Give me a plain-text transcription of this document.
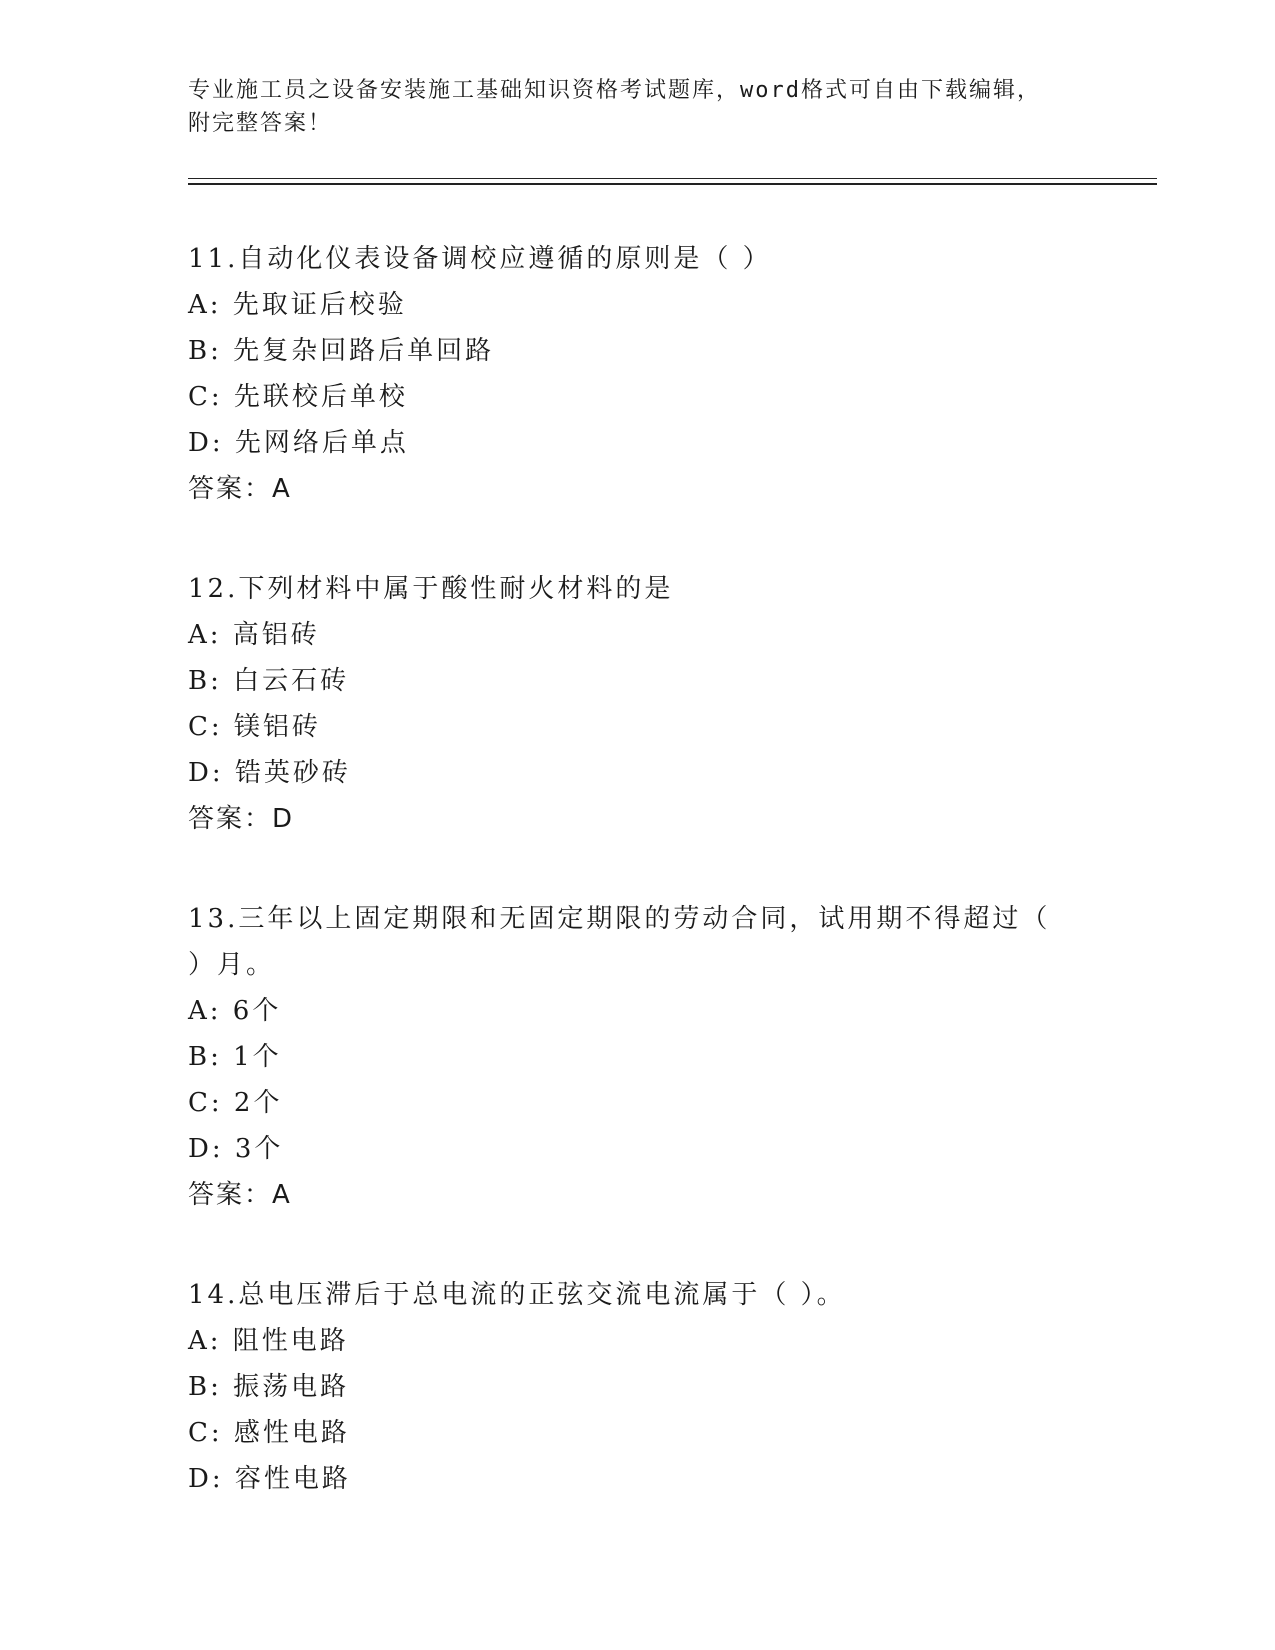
专业施工员之设备安装施工基础知识资格考试题库，word格式可自由下载编辑，
附完整答案！
11.自动化仪表设备调校应遵循的原则是（ ）
A: 先取证后校验
B: 先复杂回路后单回路
C: 先联校后单校
D: 先网络后单点
答案：A
12.下列材料中属于酸性耐火材料的是
A: 高铝砖
B: 白云石砖
C: 镁铝砖
D: 锆英砂砖
答案：D
13.三年以上固定期限和无固定期限的劳动合同，试用期不得超过（
）月。
A: 6个
B: 1个
C: 2个
D: 3个
答案：A
14.总电压滞后于总电流的正弦交流电流属于（ ）。
A: 阻性电路
B: 振荡电路
C: 感性电路
D: 容性电路
